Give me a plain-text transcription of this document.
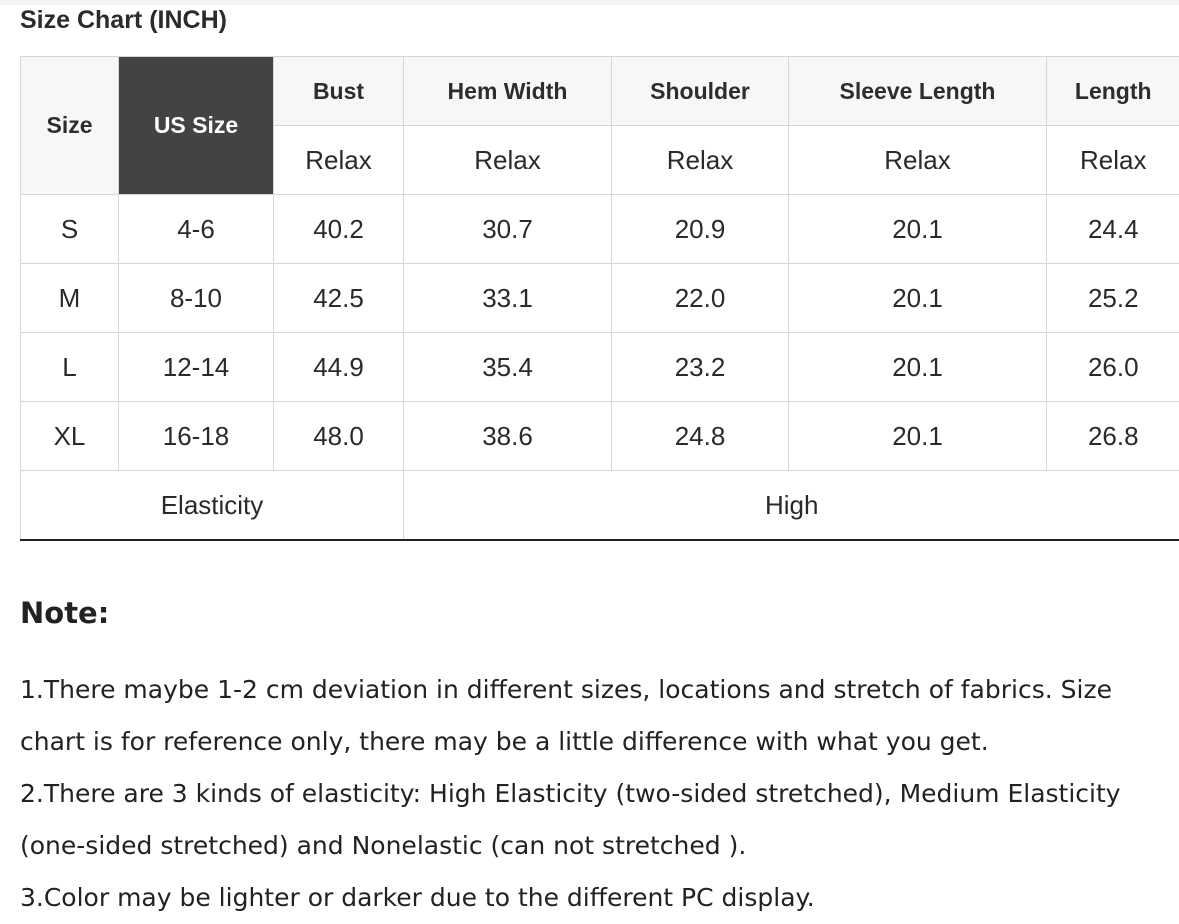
Size Chart (INCH)
Size	US Size	Bust	Hem Width	Shoulder	Sleeve Length	Length
		Relax	Relax	Relax	Relax	Relax
S	4-6	40.2	30.7	20.9	20.1	24.4
M	8-10	42.5	33.1	22.0	20.1	25.2
L	12-14	44.9	35.4	23.2	20.1	26.0
XL	16-18	48.0	38.6	24.8	20.1	26.8
Elasticity			High			
Note:

1.There maybe 1-2 cm deviation in different sizes, locations and stretch of fabrics. Size

chart is for reference only, there may be a little difference with what you get.

2.There are 3 kinds of elasticity: High Elasticity (two-sided stretched), Medium Elasticity

(one-sided stretched) and Nonelastic (can not stretched ).

3.Color may be lighter or darker due to the different PC display.
